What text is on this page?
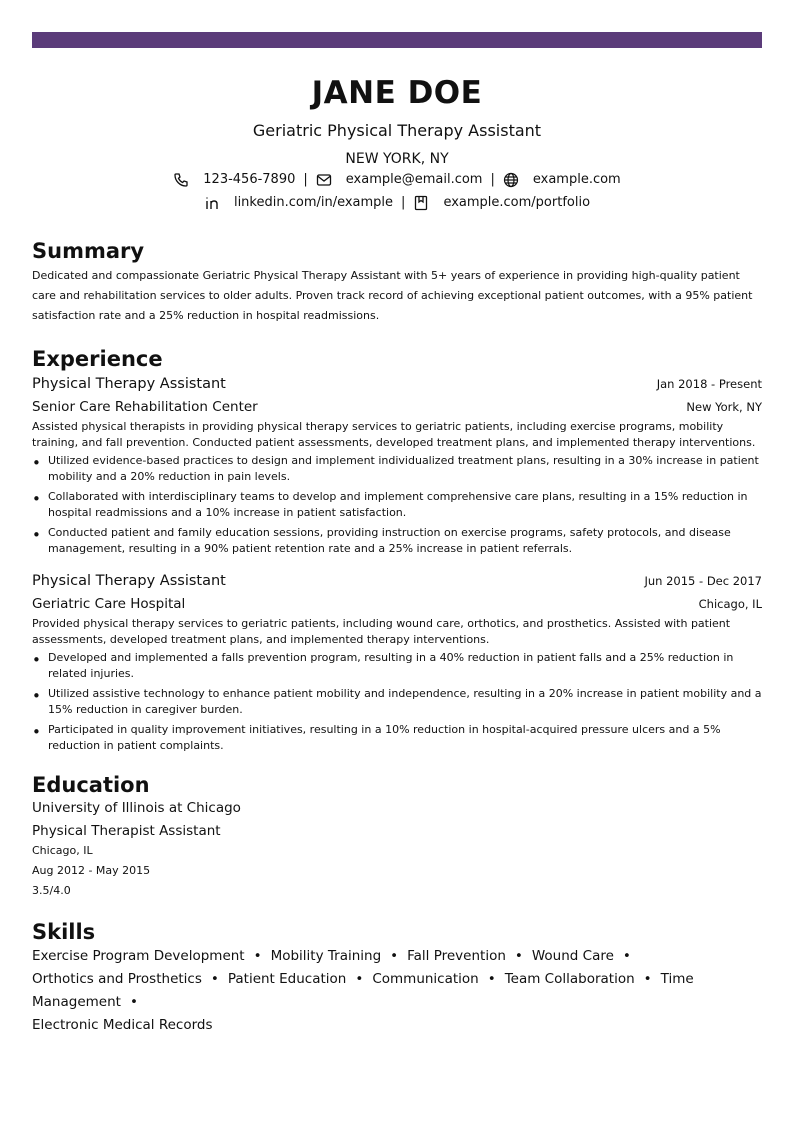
JANE DOE
Geriatric Physical Therapy Assistant
NEW YORK, NY
123-456-7890 |	example@email.com |	example.com
linkedin.com/in/example |	example.com/portfolio
Summary
Dedicated and compassionate Geriatric Physical Therapy Assistant with 5+ years of experience in providing high-quality patient care and rehabilitation services to older adults. Proven track record of achieving exceptional patient outcomes, with a 95% patient satisfaction rate and a 25% reduction in hospital readmissions.
Experience
Physical Therapy Assistant	Jan 2018 - Present
Senior Care Rehabilitation Center	New York, NY
Assisted physical therapists in providing physical therapy services to geriatric patients, including exercise programs, mobility training, and fall prevention. Conducted patient assessments, developed treatment plans, and implemented therapy interventions.
• Utilized evidence-based practices to design and implement individualized treatment plans, resulting in a 30% increase in patient mobility and a 20% reduction in pain levels.
• Collaborated with interdisciplinary teams to develop and implement comprehensive care plans, resulting in a 15% reduction in hospital readmissions and a 10% increase in patient satisfaction.
• Conducted patient and family education sessions, providing instruction on exercise programs, safety protocols, and disease management, resulting in a 90% patient retention rate and a 25% increase in patient referrals.
Physical Therapy Assistant	Jun 2015 - Dec 2017
Geriatric Care Hospital	Chicago, IL
Provided physical therapy services to geriatric patients, including wound care, orthotics, and prosthetics. Assisted with patient assessments, developed treatment plans, and implemented therapy interventions.
• Developed and implemented a falls prevention program, resulting in a 40% reduction in patient falls and a 25% reduction in related injuries.
• Utilized assistive technology to enhance patient mobility and independence, resulting in a 20% increase in patient mobility and a 15% reduction in caregiver burden.
• Participated in quality improvement initiatives, resulting in a 10% reduction in hospital-acquired pressure ulcers and a 5% reduction in patient complaints.
Education
University of Illinois at Chicago
Physical Therapist Assistant
Chicago, IL
Aug 2012 - May 2015
3.5/4.0
Skills
Exercise Program Development • Mobility Training • Fall Prevention • Wound Care •
Orthotics and Prosthetics • Patient Education • Communication • Team Collaboration • Time Management •
Electronic Medical Records
